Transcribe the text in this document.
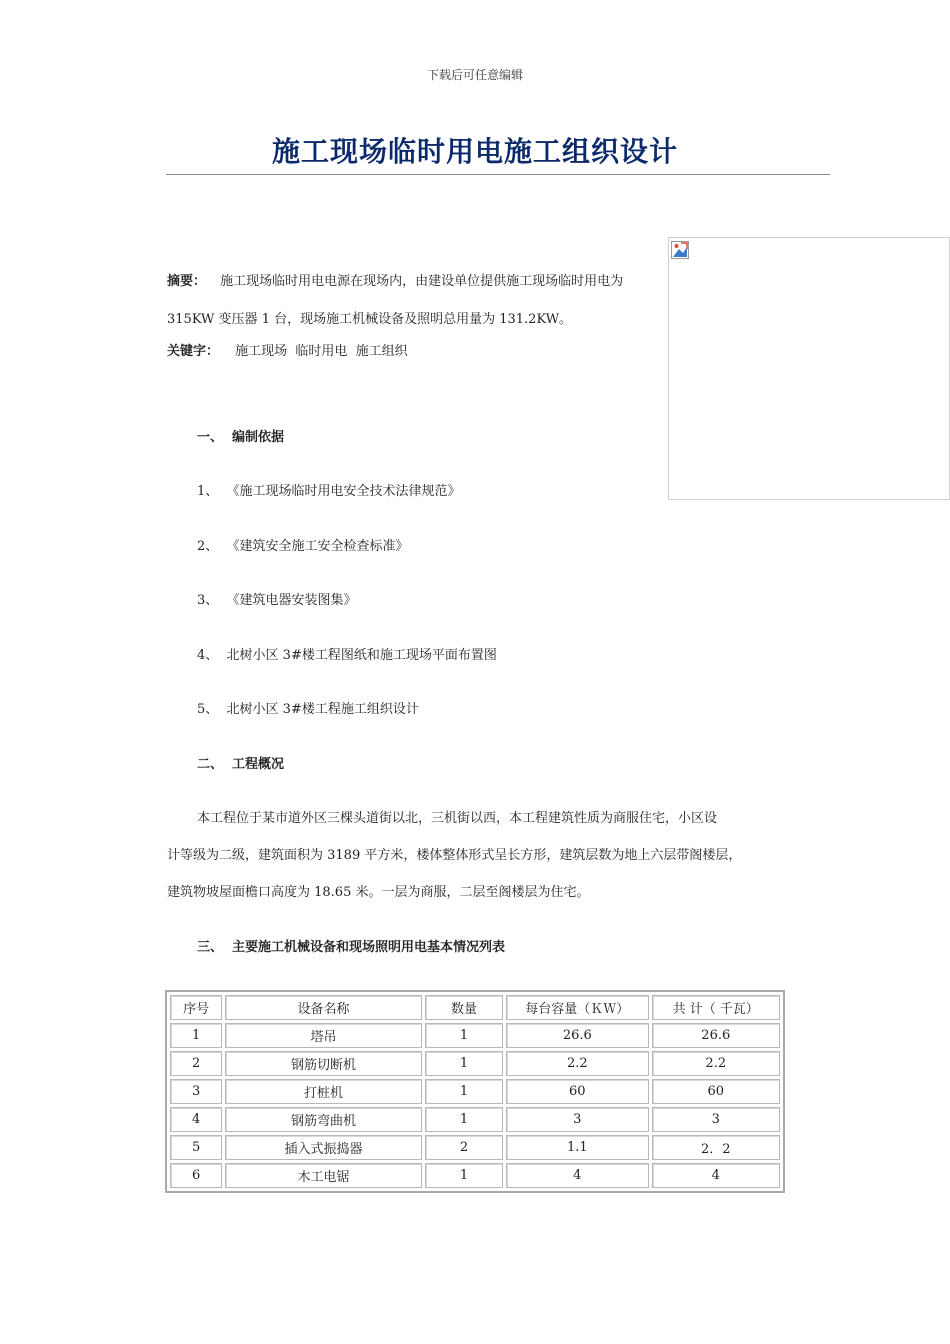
下载后可任意编辑
施工现场临时用电施工组织设计
摘要： 施工现场临时用电电源在现场内，由建设单位提供施工现场临时用电为
315KW 变压器 1 台，现场施工机械设备及照明总用量为 131.2KW。
关键字： 施工现场  临时用电  施工组织
一、  编制依据
1、  《施工现场临时用电安全技术法律规范》
2、  《建筑安全施工安全检查标准》
3、  《建筑电器安装图集》
4、  北树小区 3#楼工程图纸和施工现场平面布置图
5、  北树小区 3#楼工程施工组织设计
二、  工程概况
本工程位于某市道外区三棵头道街以北，三机街以西，本工程建筑性质为商服住宅，小区设
计等级为二级，建筑面积为 3189 平方米，楼体整体形式呈长方形，建筑层数为地上六层带阁楼层，
建筑物坡屋面檐口高度为 18.65 米。一层为商服，二层至阁楼层为住宅。
三、  主要施工机械设备和现场照明用电基本情况列表
序号	设备名称	数量	每台容量（ＫＷ）	共 计（ 千瓦）
1	塔吊	1	26.6	26.6
2	钢筋切断机	1	2.2	2.2
3	打桩机	1	60	60
4	钢筋弯曲机	1	3	3
5	插入式振捣器	2	1.1	2．2
6	木工电锯	1	4	4
